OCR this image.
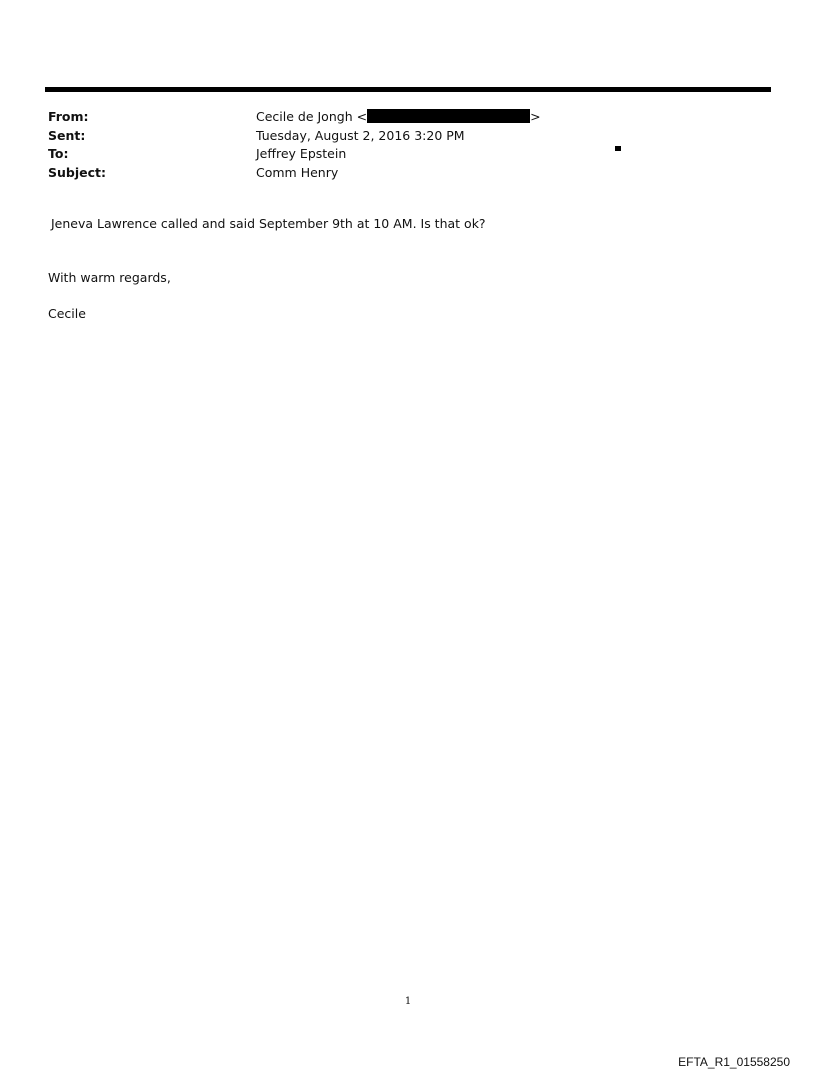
From:	Cecile de Jongh <	>
Sent:	Tuesday, August 2, 2016 3:20 PM
To:	Jeffrey Epstein
Subject:	Comm Henry
Jeneva Lawrence called and said September 9th at 10 AM. Is that ok?
With warm regards,
Cecile
1
EFTA_R1_01558250
